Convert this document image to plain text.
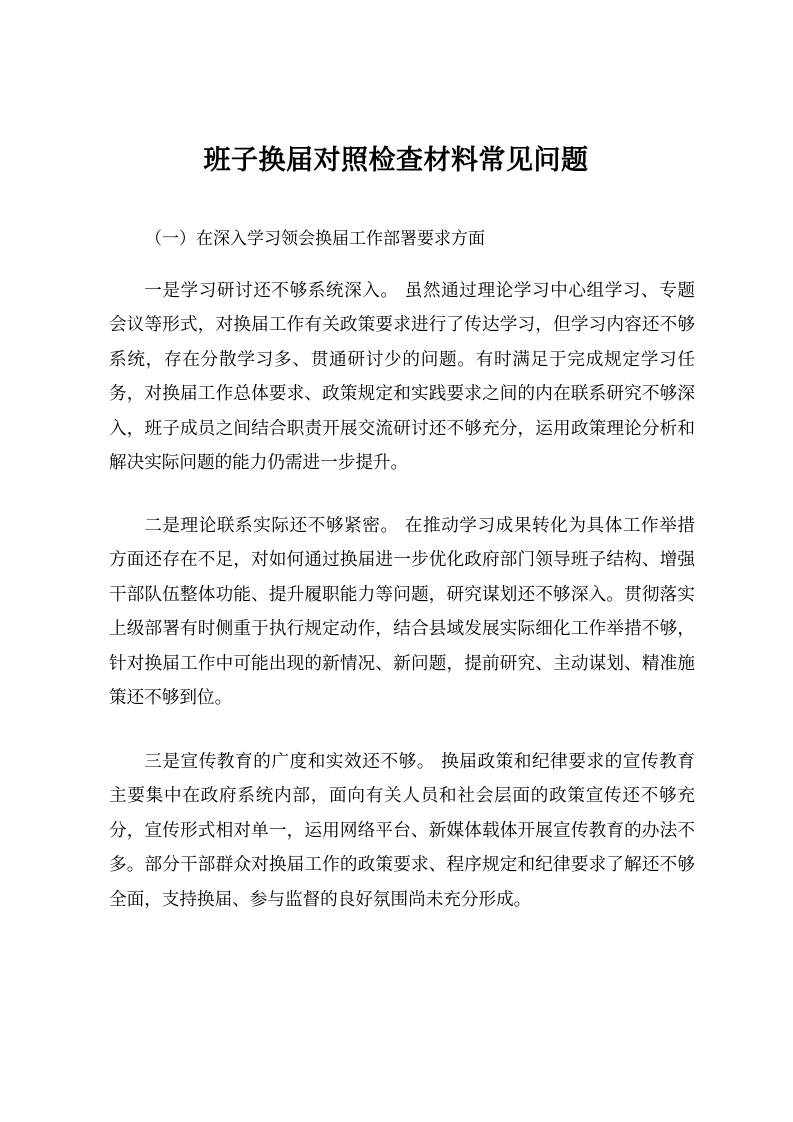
班子换届对照检查材料常见问题
（一）在深入学习领会换届工作部署要求方面

一是学习研讨还不够系统深入。 虽然通过理论学习中心组学习、专题会议等形式，对换届工作有关政策要求进行了传达学习，但学习内容还不够系统，存在分散学习多、贯通研讨少的问题。有时满足于完成规定学习任务，对换届工作总体要求、政策规定和实践要求之间的内在联系研究不够深入，班子成员之间结合职责开展交流研讨还不够充分，运用政策理论分析和解决实际问题的能力仍需进一步提升。

二是理论联系实际还不够紧密。 在推动学习成果转化为具体工作举措方面还存在不足，对如何通过换届进一步优化政府部门领导班子结构、增强干部队伍整体功能、提升履职能力等问题，研究谋划还不够深入。贯彻落实上级部署有时侧重于执行规定动作，结合县域发展实际细化工作举措不够，针对换届工作中可能出现的新情况、新问题，提前研究、主动谋划、精准施策还不够到位。

三是宣传教育的广度和实效还不够。 换届政策和纪律要求的宣传教育主要集中在政府系统内部，面向有关人员和社会层面的政策宣传还不够充分，宣传形式相对单一，运用网络平台、新媒体载体开展宣传教育的办法不多。部分干部群众对换届工作的政策要求、程序规定和纪律要求了解还不够全面，支持换届、参与监督的良好氛围尚未充分形成。
